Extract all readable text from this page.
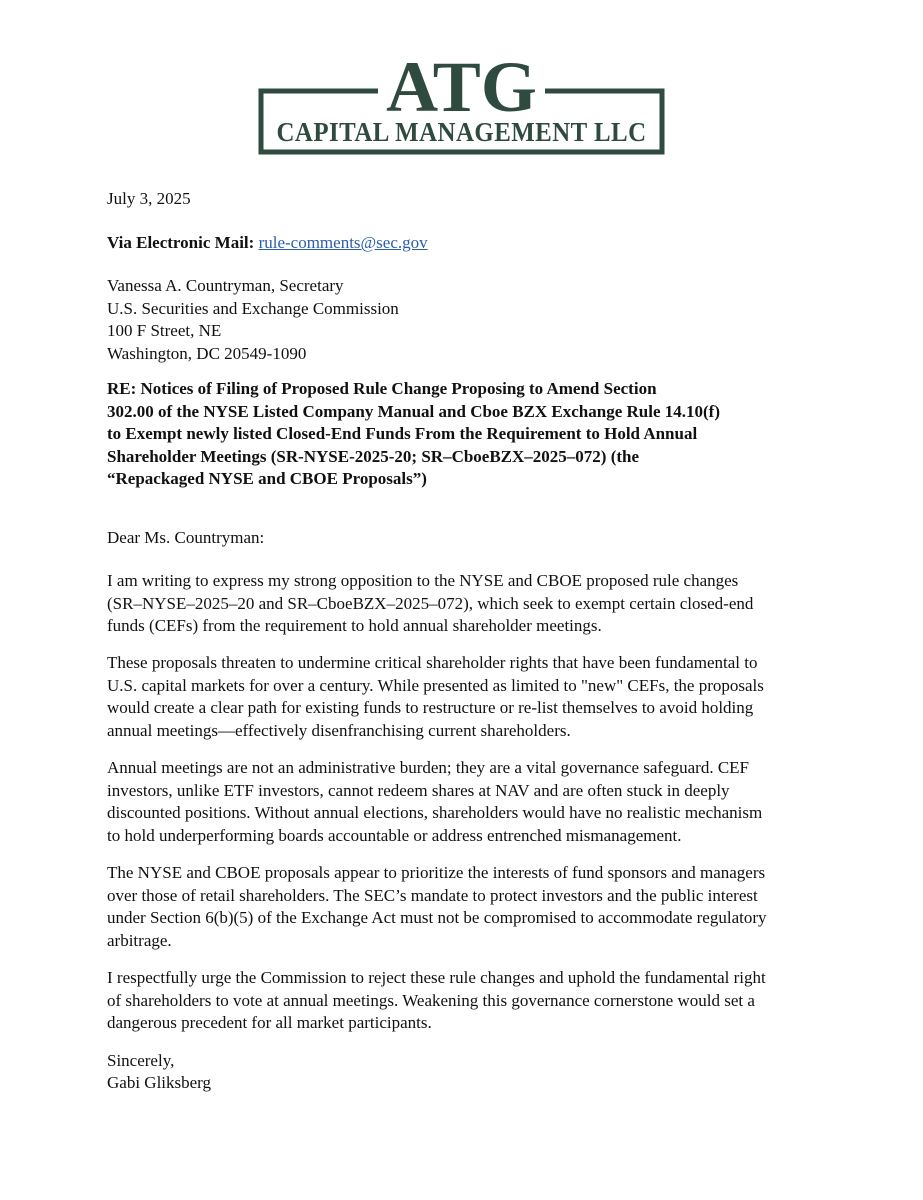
ATG
CAPITAL MANAGEMENT LLC
July 3, 2025
Via Electronic Mail: rule-comments@sec.gov
Vanessa A. Countryman, Secretary
U.S. Securities and Exchange Commission
100 F Street, NE
Washington, DC 20549-1090
RE: Notices of Filing of Proposed Rule Change Proposing to Amend Section
302.00 of the NYSE Listed Company Manual and Cboe BZX Exchange Rule 14.10(f)
to Exempt newly listed Closed-End Funds From the Requirement to Hold Annual
Shareholder Meetings (SR-NYSE-2025-20; SR–CboeBZX–2025–072) (the
“Repackaged NYSE and CBOE Proposals”)
Dear Ms. Countryman:
I am writing to express my strong opposition to the NYSE and CBOE proposed rule changes
(SR–NYSE–2025–20 and SR–CboeBZX–2025–072), which seek to exempt certain closed-end
funds (CEFs) from the requirement to hold annual shareholder meetings.
These proposals threaten to undermine critical shareholder rights that have been fundamental to
U.S. capital markets for over a century. While presented as limited to "new" CEFs, the proposals
would create a clear path for existing funds to restructure or re-list themselves to avoid holding
annual meetings—effectively disenfranchising current shareholders.
Annual meetings are not an administrative burden; they are a vital governance safeguard. CEF
investors, unlike ETF investors, cannot redeem shares at NAV and are often stuck in deeply
discounted positions. Without annual elections, shareholders would have no realistic mechanism
to hold underperforming boards accountable or address entrenched mismanagement.
The NYSE and CBOE proposals appear to prioritize the interests of fund sponsors and managers
over those of retail shareholders. The SEC’s mandate to protect investors and the public interest
under Section 6(b)(5) of the Exchange Act must not be compromised to accommodate regulatory
arbitrage.
I respectfully urge the Commission to reject these rule changes and uphold the fundamental right
of shareholders to vote at annual meetings. Weakening this governance cornerstone would set a
dangerous precedent for all market participants.
Sincerely,
Gabi Gliksberg
